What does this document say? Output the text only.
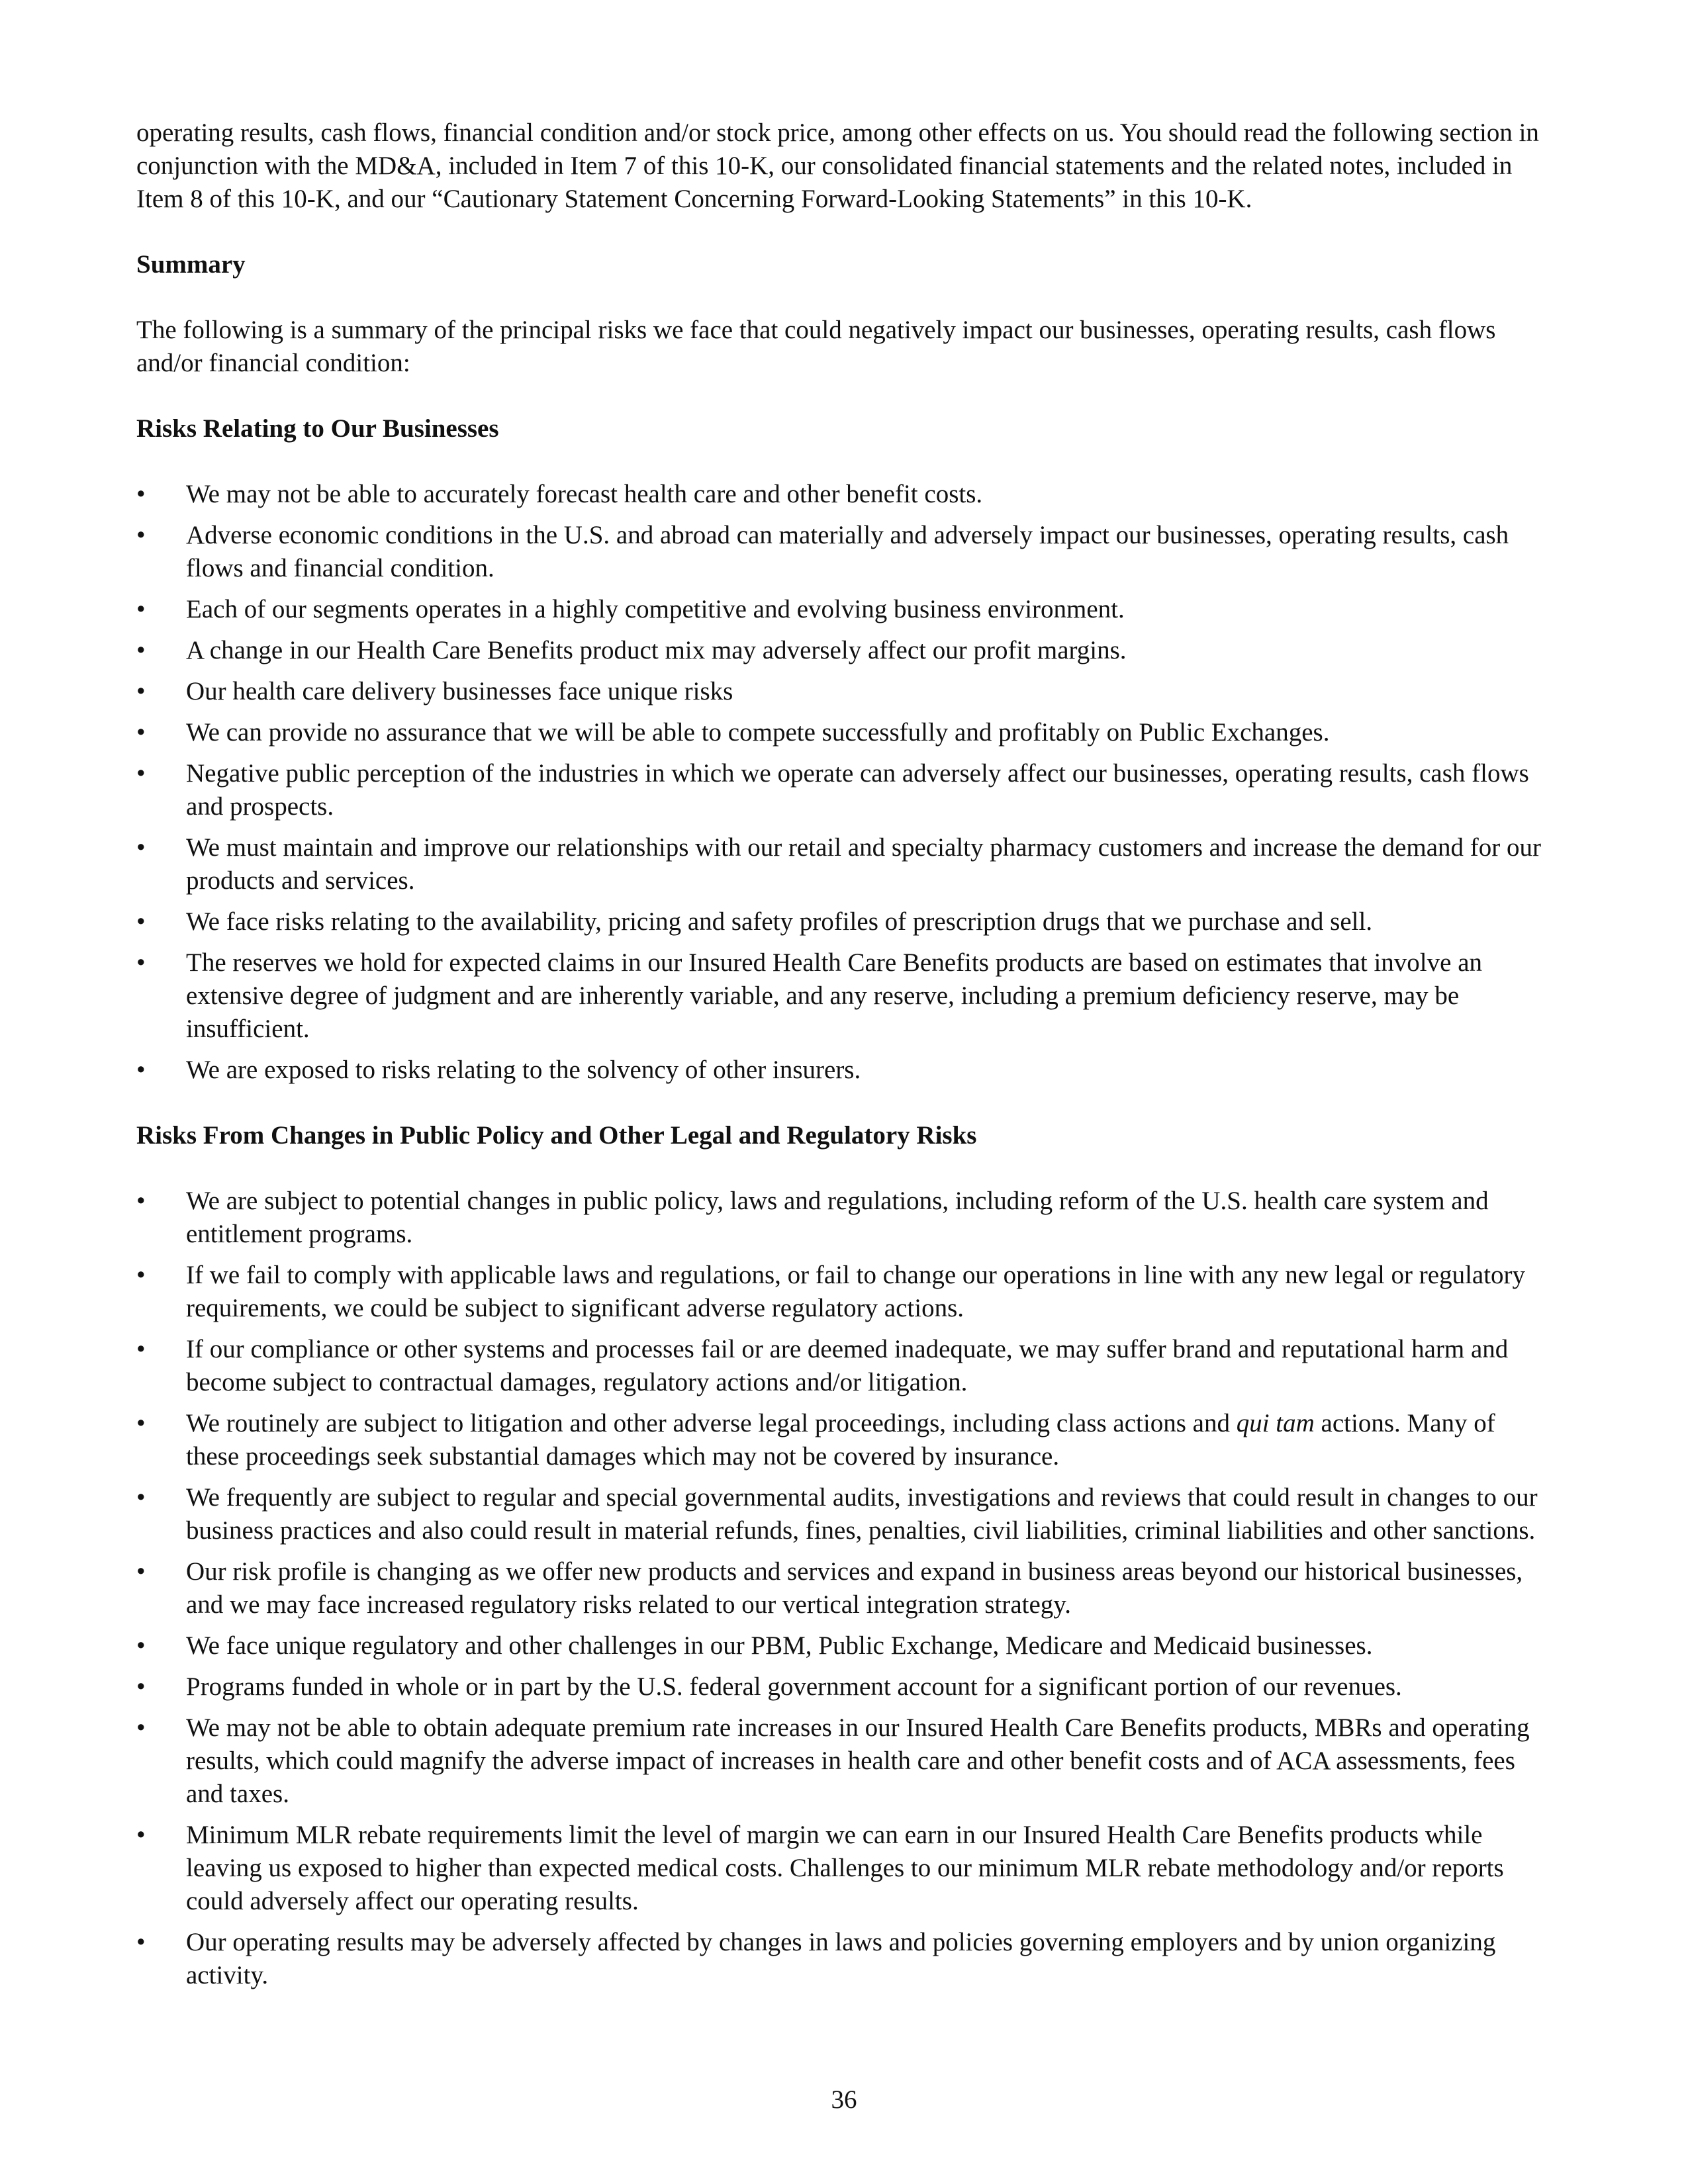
operating results, cash flows, financial condition and/or stock price, among other effects on us. You should read the following section in conjunction with the MD&A, included in Item 7 of this 10-K, our consolidated financial statements and the related notes, included in Item 8 of this 10-K, and our “Cautionary Statement Concerning Forward-Looking Statements” in this 10-K.

Summary

The following is a summary of the principal risks we face that could negatively impact our businesses, operating results, cash flows and/or financial condition:

Risks Relating to Our Businesses

• We may not be able to accurately forecast health care and other benefit costs.
• Adverse economic conditions in the U.S. and abroad can materially and adversely impact our businesses, operating results, cash flows and financial condition.
• Each of our segments operates in a highly competitive and evolving business environment.
• A change in our Health Care Benefits product mix may adversely affect our profit margins.
• Our health care delivery businesses face unique risks
• We can provide no assurance that we will be able to compete successfully and profitably on Public Exchanges.
• Negative public perception of the industries in which we operate can adversely affect our businesses, operating results, cash flows and prospects.
• We must maintain and improve our relationships with our retail and specialty pharmacy customers and increase the demand for our products and services.
• We face risks relating to the availability, pricing and safety profiles of prescription drugs that we purchase and sell.
• The reserves we hold for expected claims in our Insured Health Care Benefits products are based on estimates that involve an extensive degree of judgment and are inherently variable, and any reserve, including a premium deficiency reserve, may be insufficient.
• We are exposed to risks relating to the solvency of other insurers.

Risks From Changes in Public Policy and Other Legal and Regulatory Risks

• We are subject to potential changes in public policy, laws and regulations, including reform of the U.S. health care system and entitlement programs.
• If we fail to comply with applicable laws and regulations, or fail to change our operations in line with any new legal or regulatory requirements, we could be subject to significant adverse regulatory actions.
• If our compliance or other systems and processes fail or are deemed inadequate, we may suffer brand and reputational harm and become subject to contractual damages, regulatory actions and/or litigation.
• We routinely are subject to litigation and other adverse legal proceedings, including class actions and qui tam actions. Many of these proceedings seek substantial damages which may not be covered by insurance.
• We frequently are subject to regular and special governmental audits, investigations and reviews that could result in changes to our business practices and also could result in material refunds, fines, penalties, civil liabilities, criminal liabilities and other sanctions.
• Our risk profile is changing as we offer new products and services and expand in business areas beyond our historical businesses, and we may face increased regulatory risks related to our vertical integration strategy.
• We face unique regulatory and other challenges in our PBM, Public Exchange, Medicare and Medicaid businesses.
• Programs funded in whole or in part by the U.S. federal government account for a significant portion of our revenues.
• We may not be able to obtain adequate premium rate increases in our Insured Health Care Benefits products, MBRs and operating results, which could magnify the adverse impact of increases in health care and other benefit costs and of ACA assessments, fees and taxes.
• Minimum MLR rebate requirements limit the level of margin we can earn in our Insured Health Care Benefits products while leaving us exposed to higher than expected medical costs. Challenges to our minimum MLR rebate methodology and/or reports could adversely affect our operating results.
• Our operating results may be adversely affected by changes in laws and policies governing employers and by union organizing activity.
36
